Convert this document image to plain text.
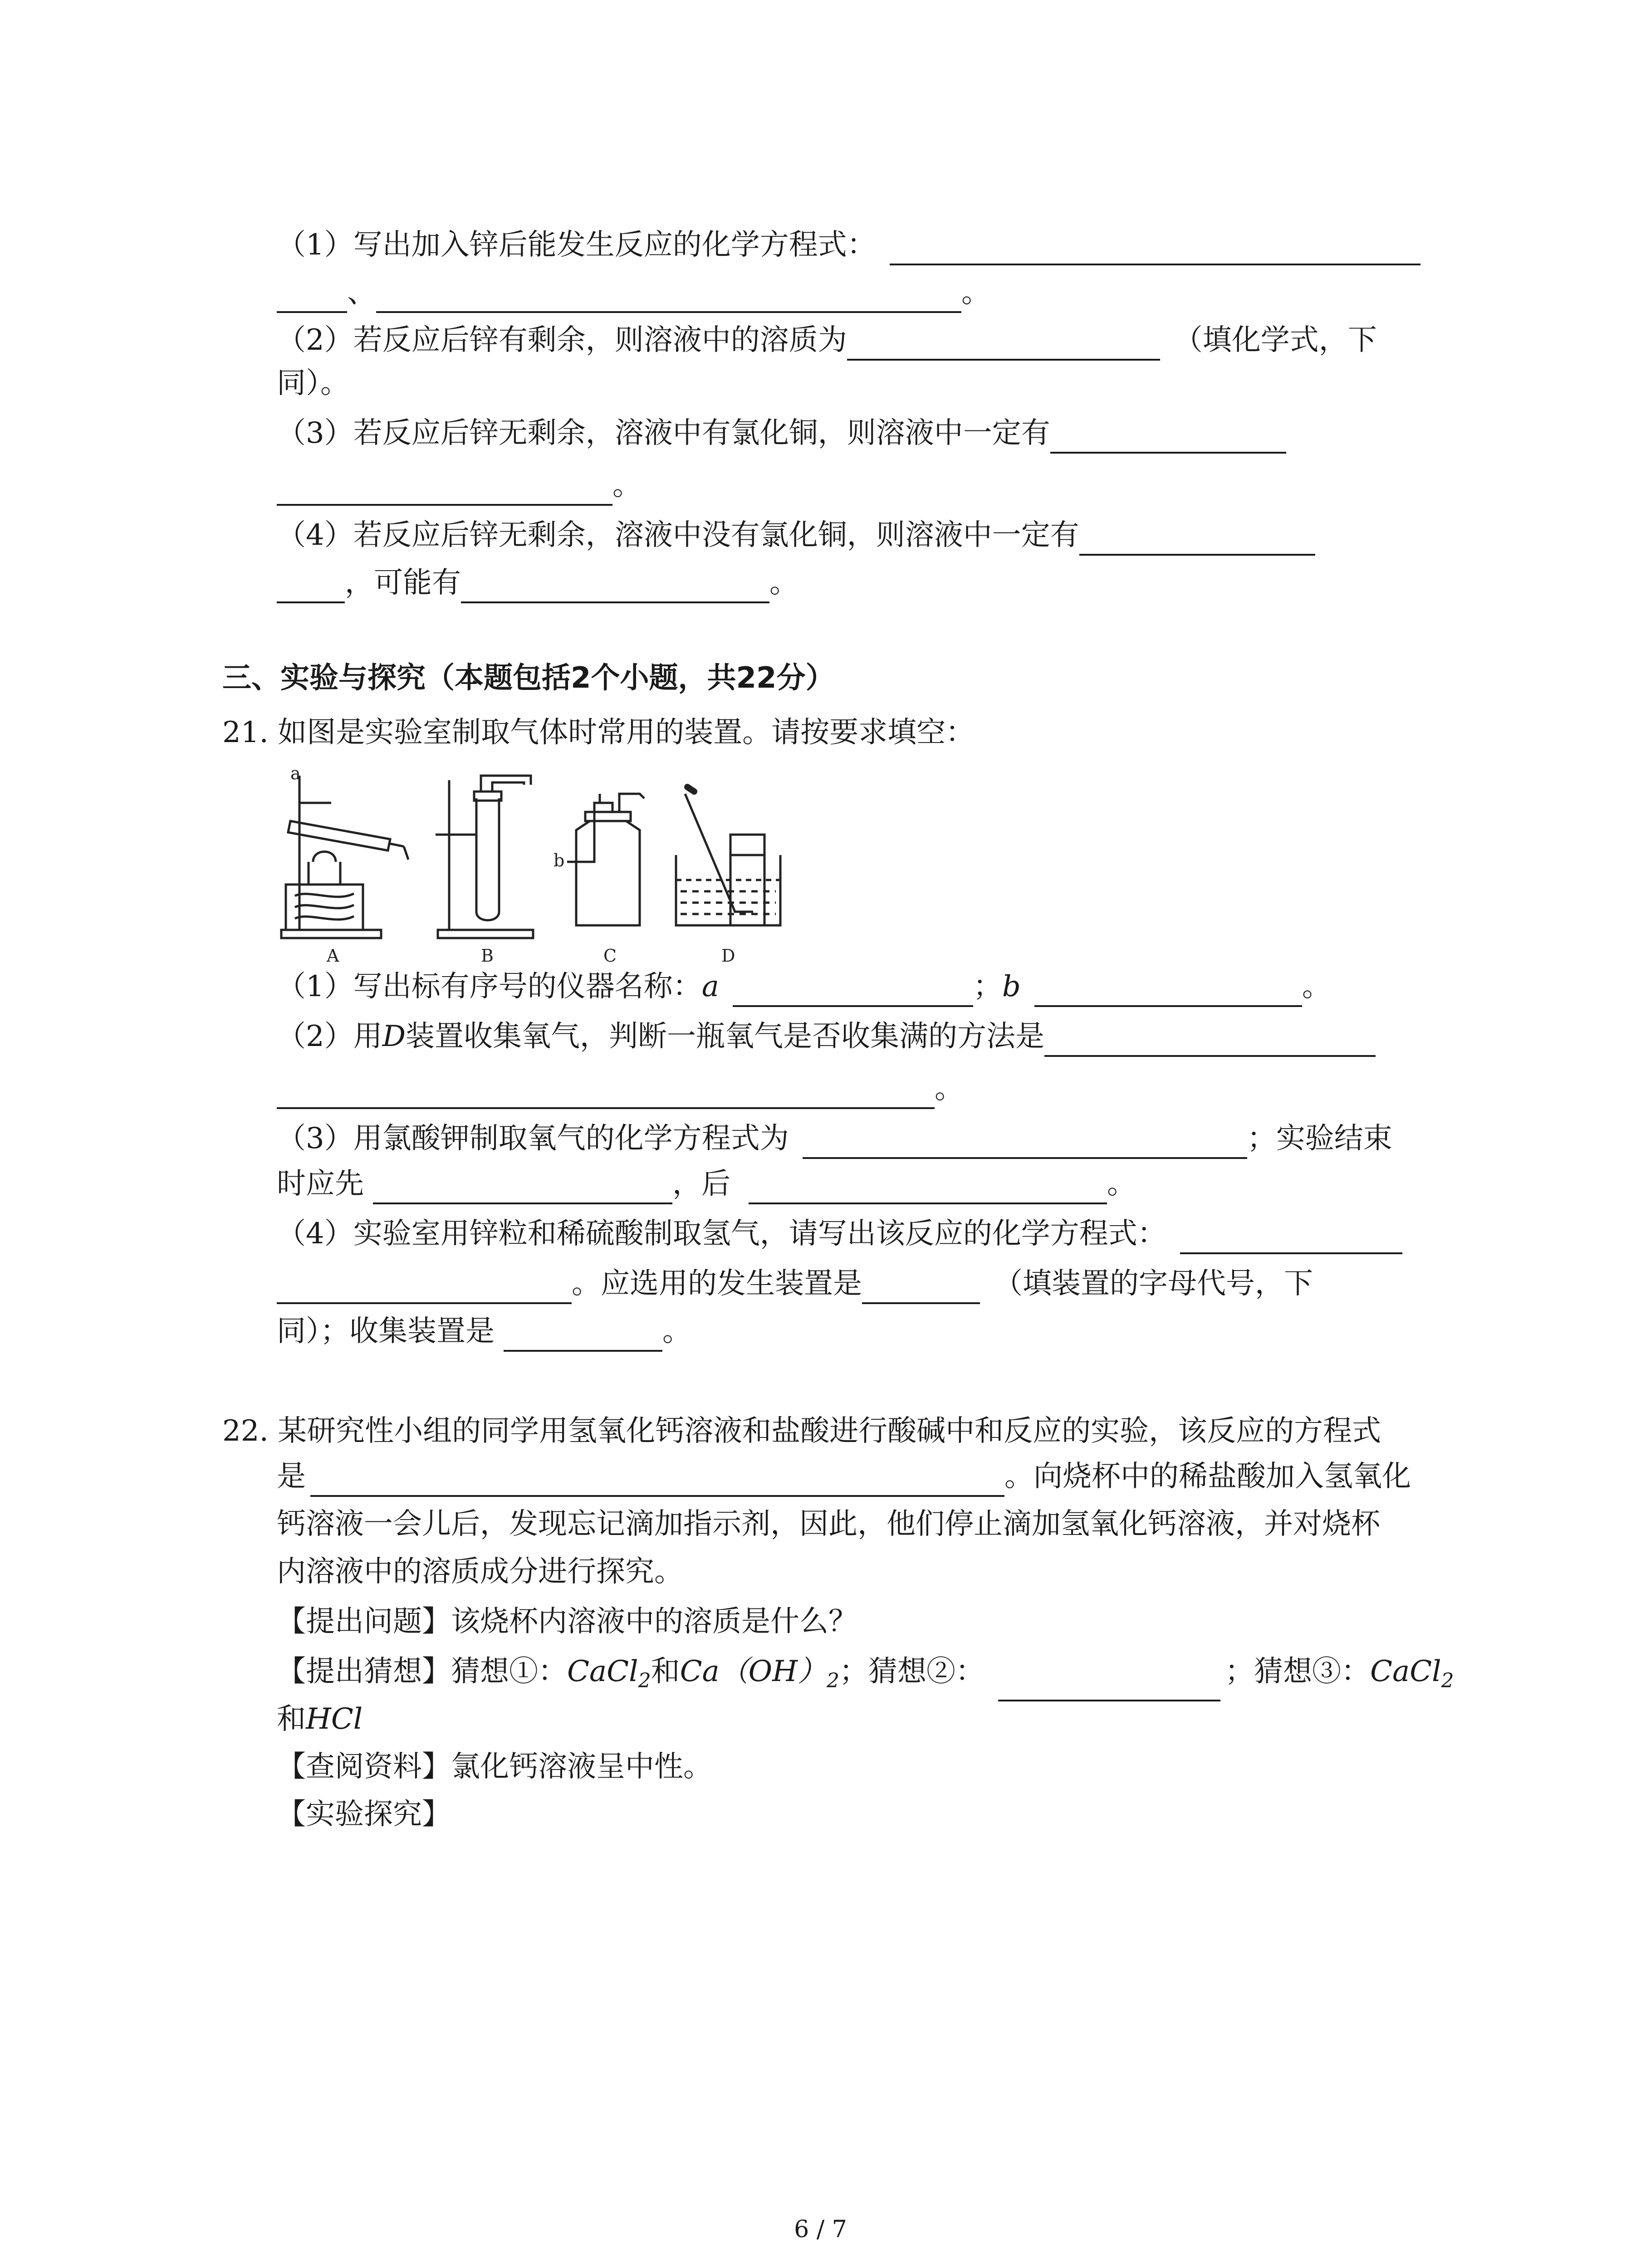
（1）写出加入锌后能发生反应的化学方程式：
、	。
（2）若反应后锌有剩余，则溶液中的溶质为	（填化学式，下
同）。
（3）若反应后锌无剩余，溶液中有氯化铜，则溶液中一定有
。
（4）若反应后锌无剩余，溶液中没有氯化铜，则溶液中一定有
，可能有	。
三、实验与探究（本题包括2个小题，共22分）
21. 如图是实验室制取气体时常用的装置。请按要求填空：
a
b
A	B	C	D
（1）写出标有序号的仪器名称：a	；b	。
（2）用D装置收集氧气，判断一瓶氧气是否收集满的方法是
。
（3）用氯酸钾制取氧气的化学方程式为	；实验结束
时应先	，后	。
（4）实验室用锌粒和稀硫酸制取氢气，请写出该反应的化学方程式：
。应选用的发生装置是	（填装置的字母代号，下
同）；收集装置是	。
22. 某研究性小组的同学用氢氧化钙溶液和盐酸进行酸碱中和反应的实验，该反应的方程式
是	。向烧杯中的稀盐酸加入氢氧化
钙溶液一会儿后，发现忘记滴加指示剂，因此，他们停止滴加氢氧化钙溶液，并对烧杯
内溶液中的溶质成分进行探究。
【提出问题】该烧杯内溶液中的溶质是什么？
【提出猜想】猜想①：CaCl$_2$和$Ca(OH)_2$；猜想②：	；猜想③：CaCl$_2$
和HCl
【查阅资料】氯化钙溶液呈中性。
【实验探究】
6 / 7
